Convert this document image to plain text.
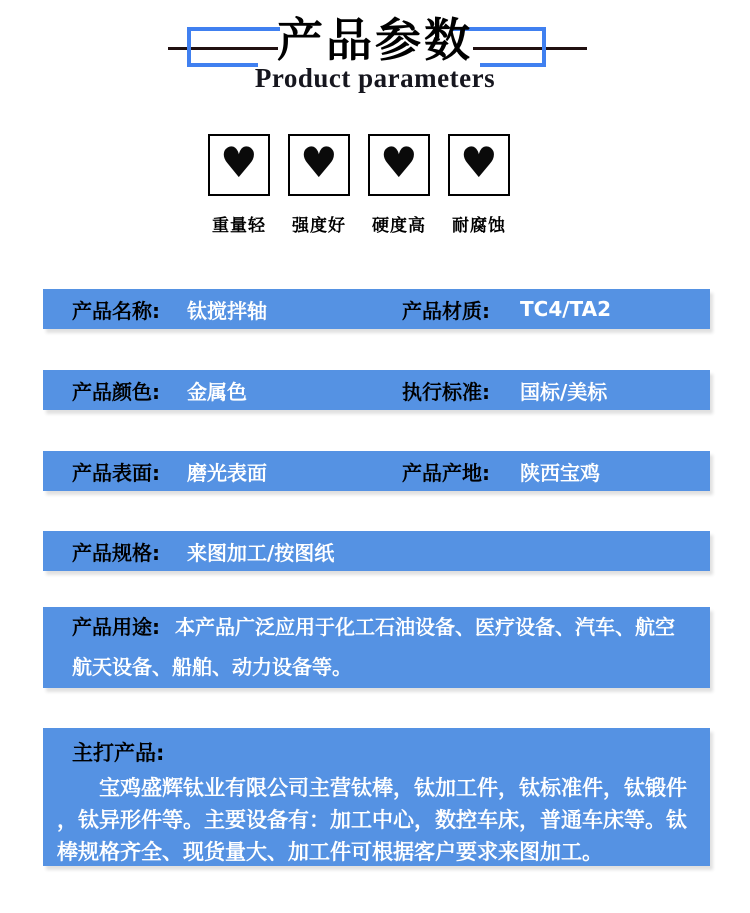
产品参数
Product parameters
♥
重量轻
♥
强度好
♥
硬度高
♥
耐腐蚀
产品名称:	钛搅拌轴	产品材质:	TC4/TA2
产品颜色:	金属色	执行标准:	国标/美标
产品表面:	磨光表面	产品产地:	陕西宝鸡
产品规格:	来图加工/按图纸
产品用途: 本产品广泛应用于化工石油设备、医疗设备、汽车、航空航天设备、船舶、动力设备等。
主打产品:
宝鸡盛辉钛业有限公司主营钛棒，钛加工件，钛标准件，钛锻件，钛异形件等。主要设备有：加工中心，数控车床，普通车床等。钛棒规格齐全、现货量大、加工件可根据客户要求来图加工。
